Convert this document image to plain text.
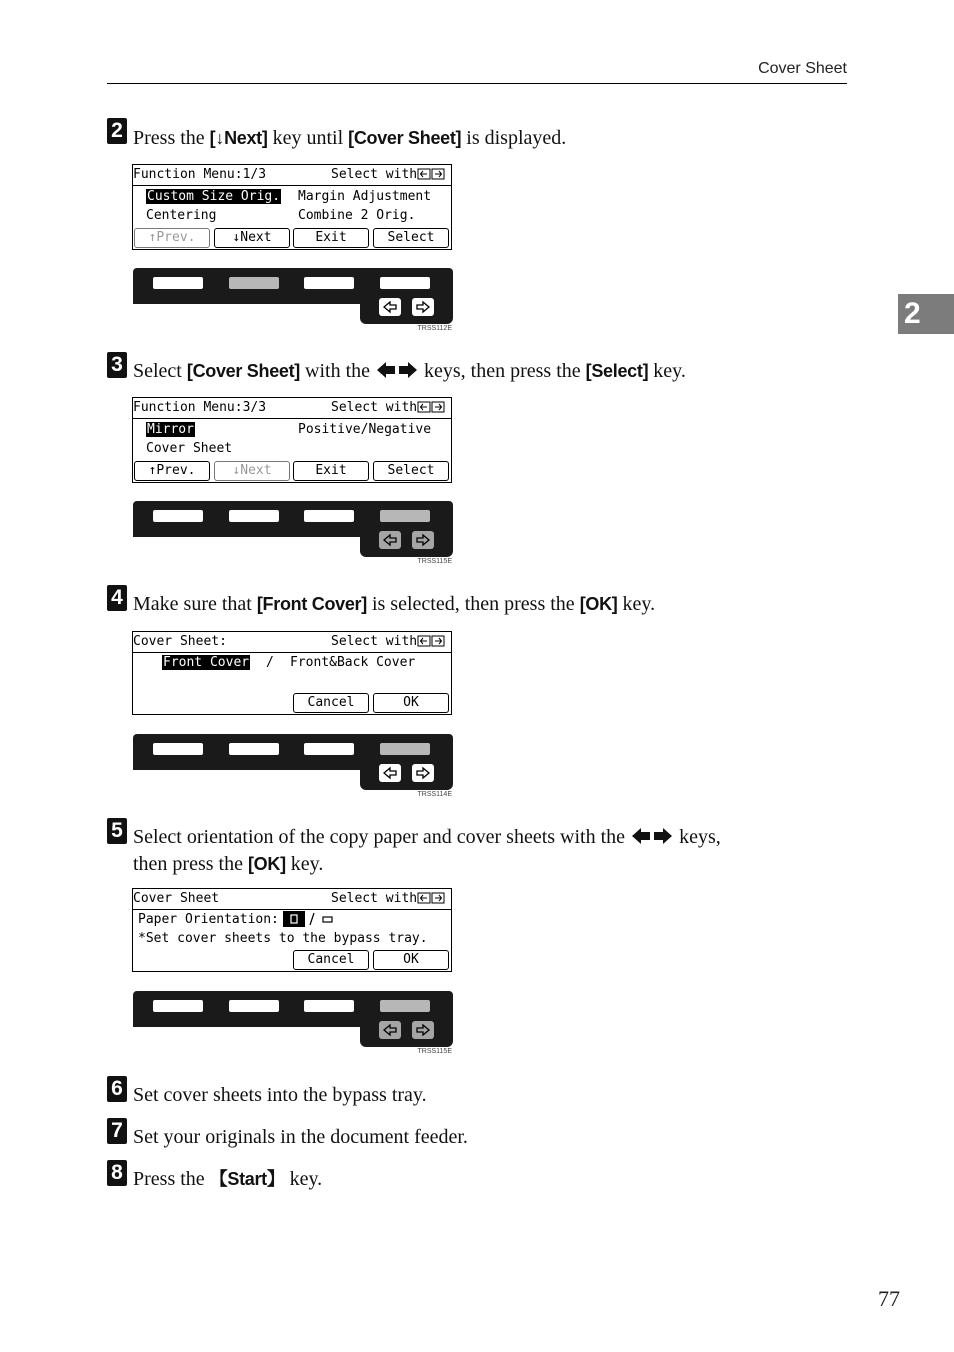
Cover Sheet
2
2 Press the [↓Next] key until [Cover Sheet] is displayed.
Function Menu:1/3	Select with
Custom Size Orig. Margin Adjustment
Centering	Combine 2 Orig.
↑Prev.	↓Next	Exit	Select
TRSS112E
3 Select [Cover Sheet] with the  keys, then press the [Select] key.
Function Menu:3/3	Select with
Mirror	Positive/Negative
Cover Sheet
↑Prev.	↓Next	Exit	Select
TRSS115E
4 Make sure that [Front Cover] is selected, then press the [OK] key.
Cover Sheet:	Select with
Front Cover / Front&Back Cover
Cancel	OK
TRSS114E
5 Select orientation of the copy paper and cover sheets with the  keys,
then press the [OK] key.
Cover Sheet	Select with
Paper Orientation:
*Set cover sheets to the bypass tray.
Cancel	OK
TRSS115E
6 Set cover sheets into the bypass tray.
7 Set your originals in the document feeder.
8 Press the 【Start】 key.
77
